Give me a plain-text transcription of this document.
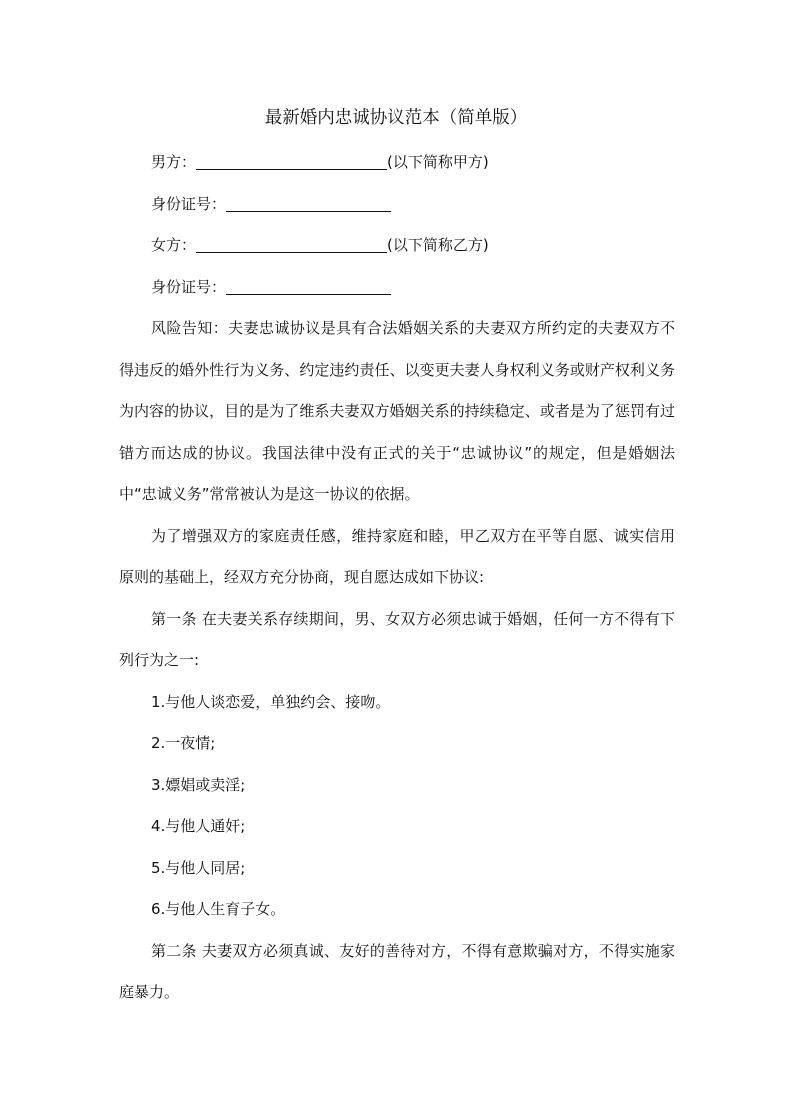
最新婚内忠诚协议范本（简单版）

男方：	(以下简称甲方)

身份证号：

女方：	(以下简称乙方)

身份证号：

风险告知：夫妻忠诚协议是具有合法婚姻关系的夫妻双方所约定的夫妻双方不得违反的婚外性行为义务、约定违约责任、以变更夫妻人身权利义务或财产权利义务为内容的协议，目的是为了维系夫妻双方婚姻关系的持续稳定、或者是为了惩罚有过错方而达成的协议。我国法律中没有正式的关于“忠诚协议”的规定，但是婚姻法中“忠诚义务”常常被认为是这一协议的依据。

为了增强双方的家庭责任感，维持家庭和睦，甲乙双方在平等自愿、诚实信用原则的基础上，经双方充分协商，现自愿达成如下协议:

第一条 在夫妻关系存续期间，男、女双方必须忠诚于婚姻，任何一方不得有下列行为之一:

1.与他人谈恋爱，单独约会、接吻。

2.一夜情;

3.嫖娼或卖淫;

4.与他人通奸;

5.与他人同居;

6.与他人生育子女。

第二条 夫妻双方必须真诚、友好的善待对方，不得有意欺骗对方，不得实施家庭暴力。
